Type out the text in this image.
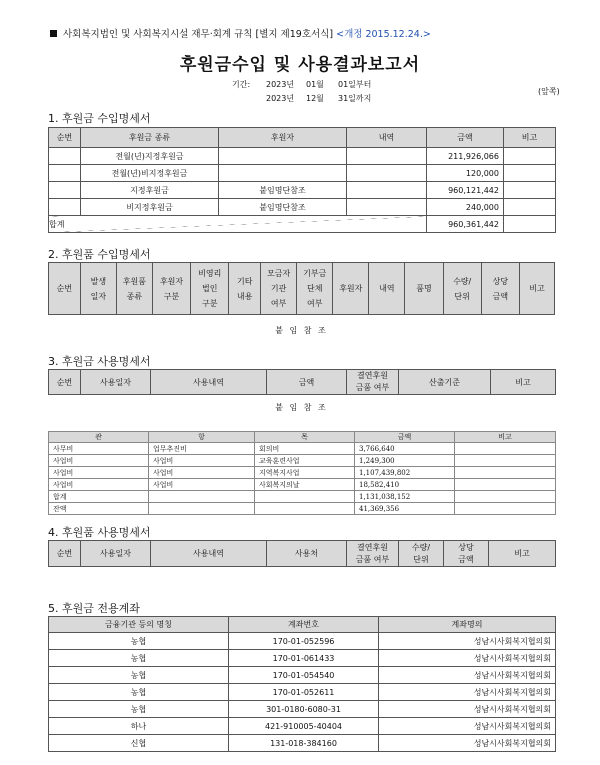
사회복지법인 및 사회복지시설 재무·회계 규칙 [별지 제19호서식] <개정 2015.12.24.>
후원금수입 및 사용결과보고서
기간: 2023년 01월 01일부터
2023년 12월 31일까지
(앞쪽)
1. 후원금 수입명세서
순번	후원금 종류	후원자	내역	금액	비고
	전월(년)지정후원금			211,926,066	
	전월(년)비지정후원금			120,000	
	지정후원금	붙임명단참조		960,121,442	
	비지정후원금	붙임명단참조		240,000	
합계				960,361,442	
2. 후원품 수입명세서
순번	발생
일자	후원품
종류	후원자
구분	비영리
법인
구분	기타
내용	모금자
기관
여부	기부금
단체
여부	후원자	내역	품명	수량/
단위	상당
금액	비고
붙 임 참 조
3. 후원금 사용명세서
순번	사용일자	사용내역	금액	결연후원
금품 여부	산출기준	비고
붙 임 참 조
관	항	목	금액	비고
사무비	업무추진비	회의비	3,766,640	
사업비	사업비	교육훈련사업	1,249,300	
사업비	사업비	지역복지사업	1,107,439,802	
사업비	사업비	사회복지의날	18,582,410	
합계			1,131,038,152	
잔액			41,369,356	
4. 후원품 사용명세서
순번	사용일자	사용내역	사용처	결연후원
금품 여부	수량/
단위	상당
금액	비고
5. 후원금 전용계좌
금융기관 등의 명칭	계좌번호	계좌명의
농협	170-01-052596	성남시사회복지협의회
농협	170-01-061433	성남시사회복지협의회
농협	170-01-054540	성남시사회복지협의회
농협	170-01-052611	성남시사회복지협의회
농협	301-0180-6080-31	성남시사회복지협의회
하나	421-910005-40404	성남시사회복지협의회
신협	131-018-384160	성남시사회복지협의회
